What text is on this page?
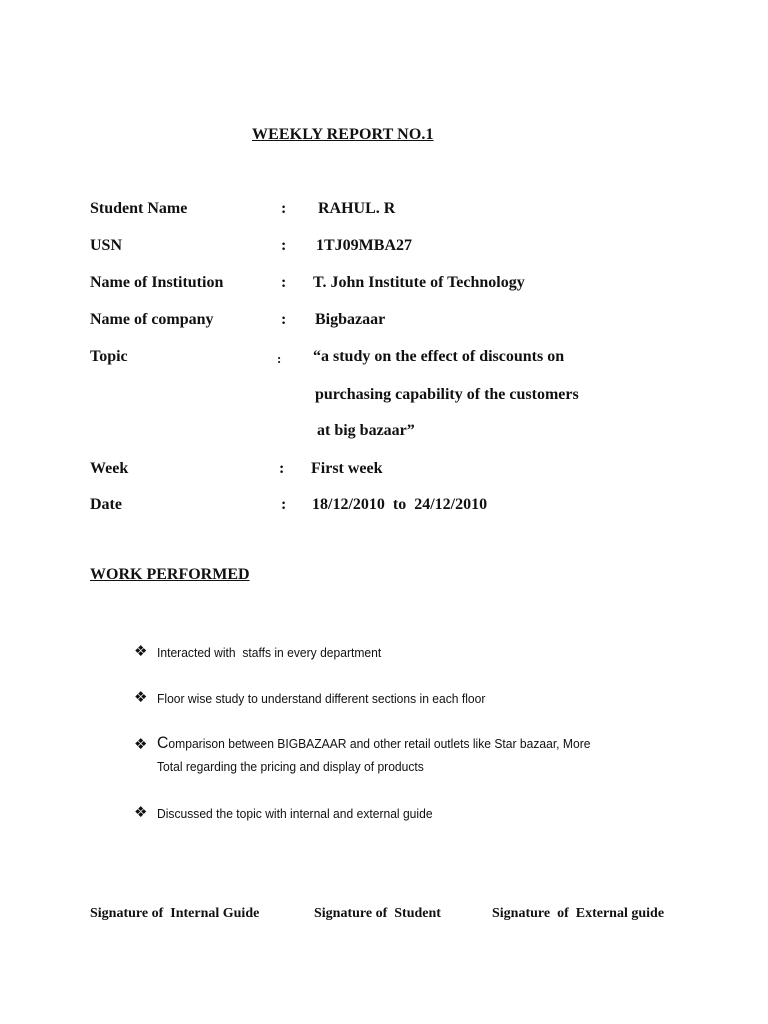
WEEKLY REPORT NO.1
Student Name	: RAHUL. R
USN	: 1TJ09MBA27
Name of Institution	: T. John Institute of Technology
Name of company	: Bigbazaar
Topic	: “a study on the effect of discounts on
purchasing capability of the customers
at big bazaar”
Week	: First week
Date	: 18/12/2010  to  24/12/2010
WORK PERFORMED
❖ Interacted with  staffs in every department
❖ Floor wise study to understand different sections in each floor
❖ Comparison between BIGBAZAAR and other retail outlets like Star bazaar, More
Total regarding the pricing and display of products
❖ Discussed the topic with internal and external guide
Signature of  Internal Guide	Signature of  Student	Signature  of  External guide
